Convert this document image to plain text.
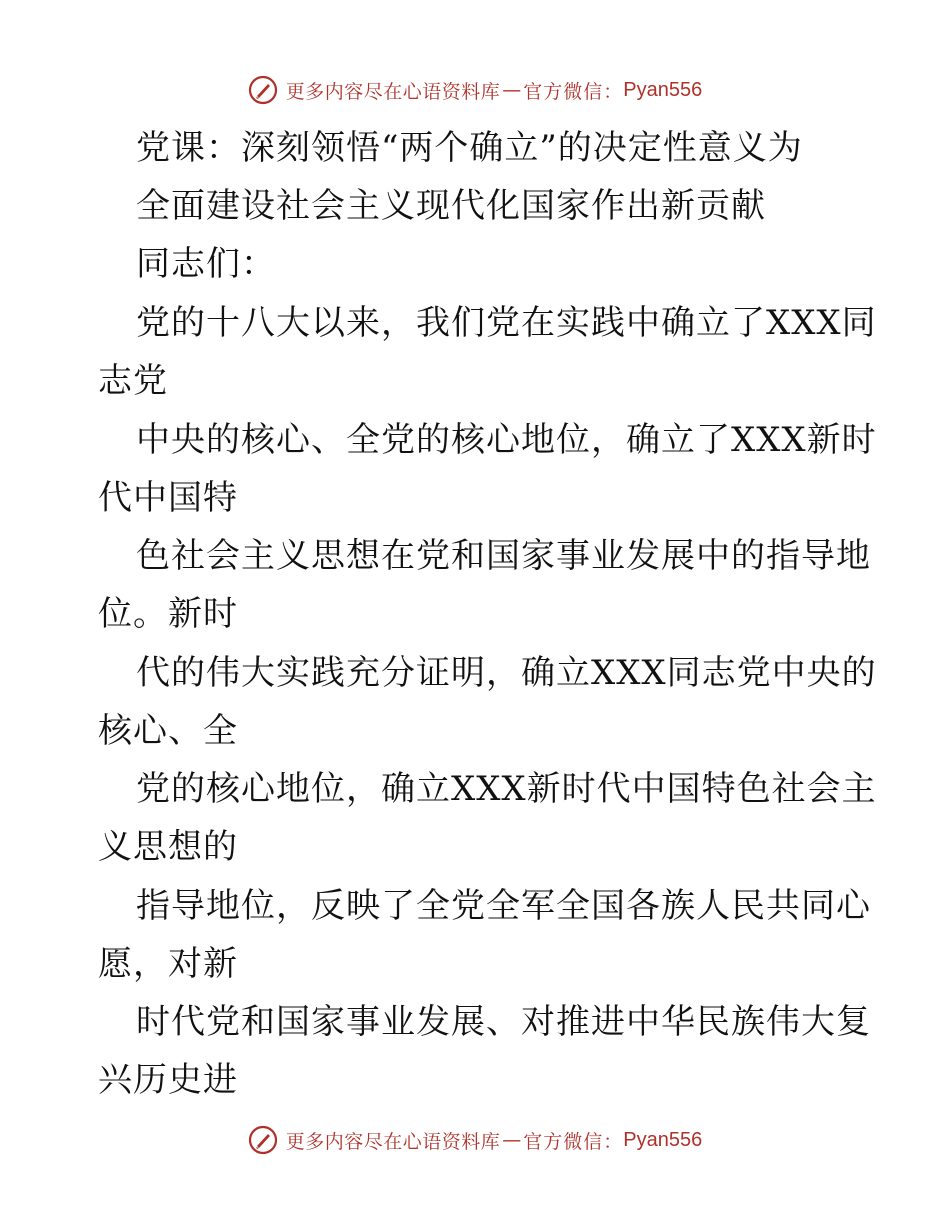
更多内容尽在心语资料库 — 官方微信： Pyan556
党课：深刻领悟“两个确立”的决定性意义为
全面建设社会主义现代化国家作出新贡献
同志们：
党的十八大以来，我们党在实践中确立了XXX同
志党
中央的核心、全党的核心地位，确立了XXX新时
代中国特
色社会主义思想在党和国家事业发展中的指导地
位。新时
代的伟大实践充分证明，确立XXX同志党中央的
核心、全
党的核心地位，确立XXX新时代中国特色社会主
义思想的
指导地位，反映了全党全军全国各族人民共同心
愿，对新
时代党和国家事业发展、对推进中华民族伟大复
兴历史进
更多内容尽在心语资料库 — 官方微信： Pyan556
